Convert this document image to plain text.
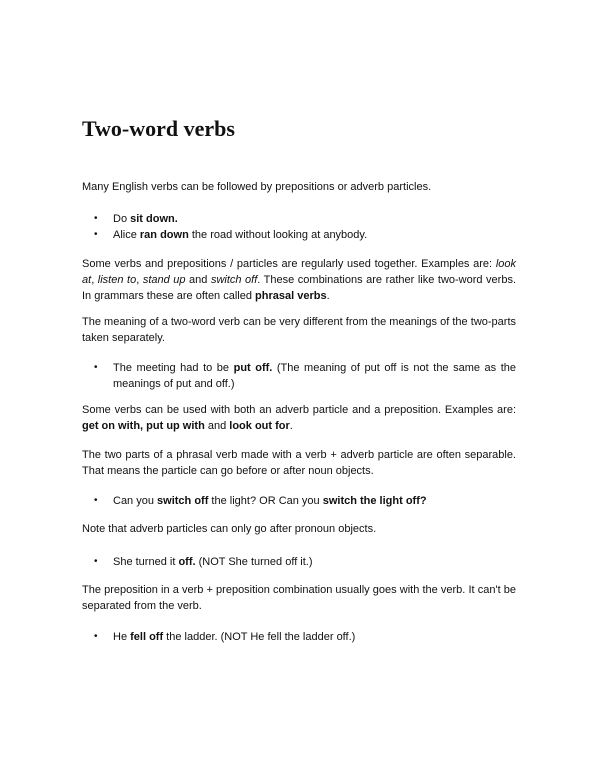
Two-word verbs

Many English verbs can be followed by prepositions or adverb particles.

• Do sit down.
• Alice ran down the road without looking at anybody.

Some verbs and prepositions / particles are regularly used together. Examples are: look at, listen to, stand up and switch off. These combinations are rather like two-word verbs. In grammars these are often called phrasal verbs.

The meaning of a two-word verb can be very different from the meanings of the two-parts taken separately.

• The meeting had to be put off. (The meaning of put off is not the same as the meanings of put and off.)

Some verbs can be used with both an adverb particle and a preposition. Examples are: get on with, put up with and look out for.

The two parts of a phrasal verb made with a verb + adverb particle are often separable. That means the particle can go before or after noun objects.

• Can you switch off the light? OR Can you switch the light off?

Note that adverb particles can only go after pronoun objects.

• She turned it off. (NOT She turned off it.)

The preposition in a verb + preposition combination usually goes with the verb. It can't be separated from the verb.

• He fell off the ladder. (NOT He fell the ladder off.)
